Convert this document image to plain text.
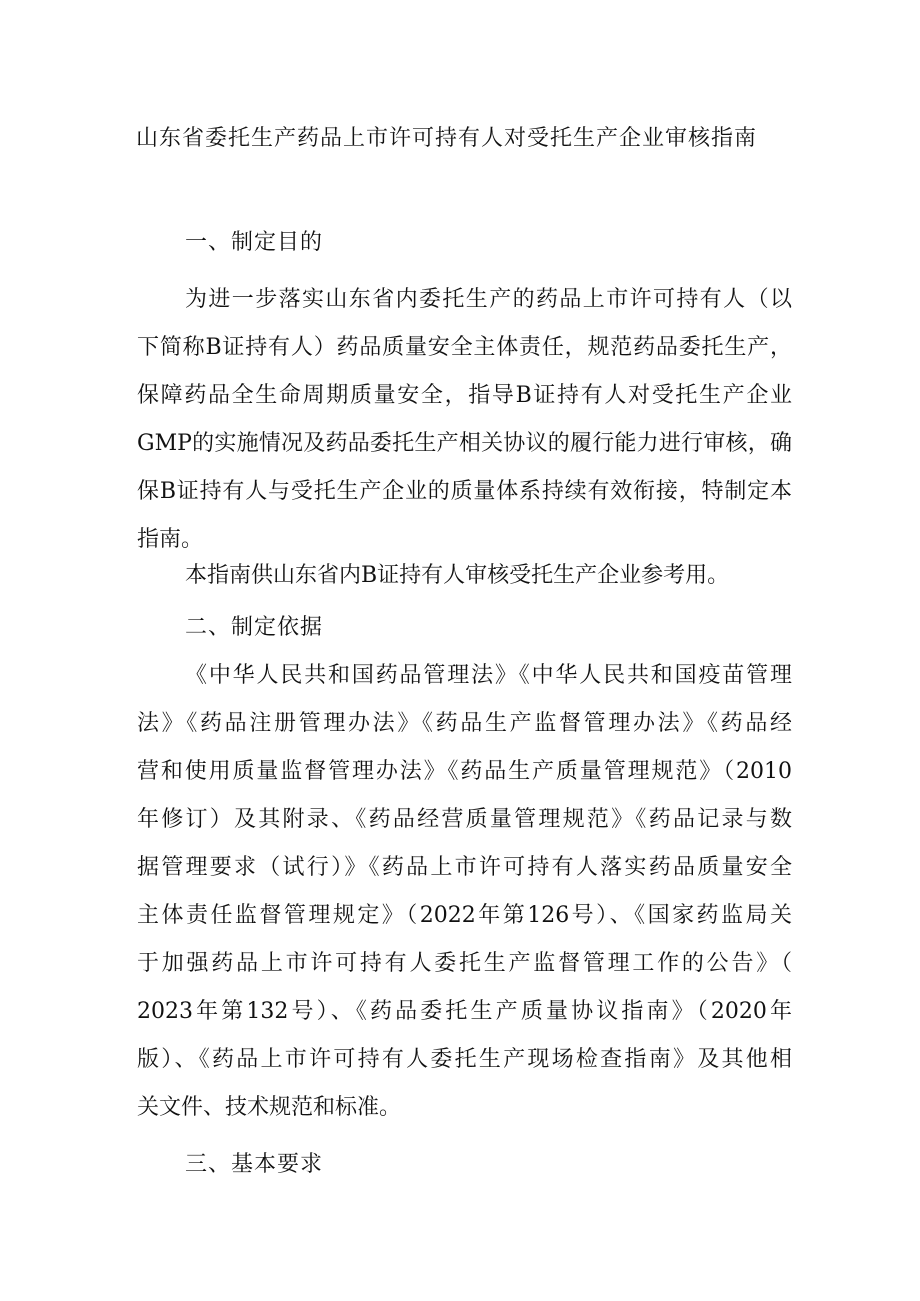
山东省委托生产药品上市许可持有人对受托生产企业审核指南
一、制定目的
为进一步落实山东省内委托生产的药品上市许可持有人（以
下简称B证持有人）药品质量安全主体责任，规范药品委托生产，
保障药品全生命周期质量安全，指导B证持有人对受托生产企业
GMP的实施情况及药品委托生产相关协议的履行能力进行审核，确
保B证持有人与受托生产企业的质量体系持续有效衔接，特制定本
指南。
本指南供山东省内B证持有人审核受托生产企业参考用。
二、制定依据
《中华人民共和国药品管理法》《中华人民共和国疫苗管理
法》《药品注册管理办法》《药品生产监督管理办法》《药品经
营和使用质量监督管理办法》《药品生产质量管理规范》（2010
年修订）及其附录、《药品经营质量管理规范》《药品记录与数
据管理要求（试行）》《药品上市许可持有人落实药品质量安全
主体责任监督管理规定》（2022年第126号）、《国家药监局关
于加强药品上市许可持有人委托生产监督管理工作的公告》（
2023年第132号）、《药品委托生产质量协议指南》（2020年
版）、《药品上市许可持有人委托生产现场检查指南》及其他相
关文件、技术规范和标准。
三、基本要求
